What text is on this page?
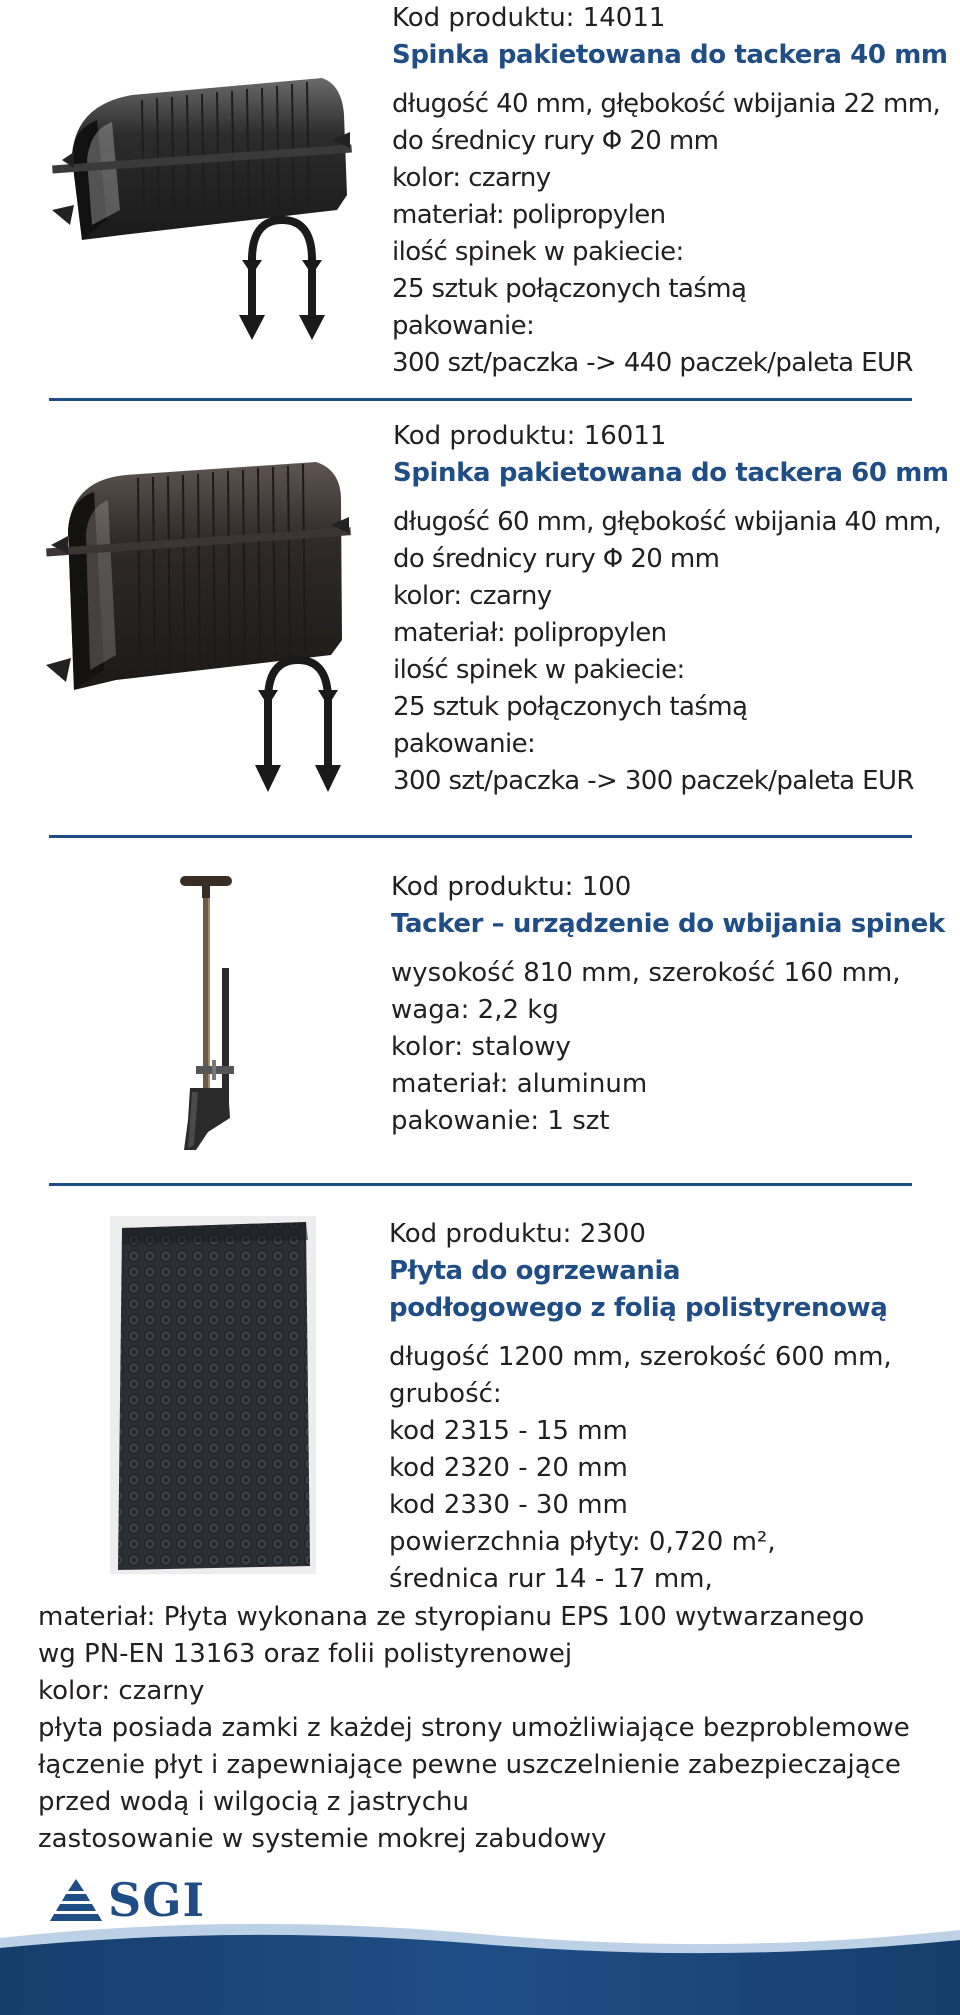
Kod produktu: 14011
Spinka pakietowana do tackera 40 mm
długość 40 mm, głębokość wbijania 22 mm,
do średnicy rury Φ 20 mm
kolor: czarny
materiał: polipropylen
ilość spinek w pakiecie:
25 sztuk połączonych taśmą
pakowanie:
300 szt/paczka -> 440 paczek/paleta EUR
Kod produktu: 16011
Spinka pakietowana do tackera 60 mm
długość 60 mm, głębokość wbijania 40 mm,
do średnicy rury Φ 20 mm
kolor: czarny
materiał: polipropylen
ilość spinek w pakiecie:
25 sztuk połączonych taśmą
pakowanie:
300 szt/paczka -> 300 paczek/paleta EUR
Kod produktu: 100
Tacker – urządzenie do wbijania spinek
wysokość 810 mm, szerokość 160 mm,
waga: 2,2 kg
kolor: stalowy
materiał: aluminum
pakowanie: 1 szt
Kod produktu: 2300
Płyta do ogrzewania
podłogowego z folią polistyrenową
długość 1200 mm, szerokość 600 mm,
grubość:
kod 2315 - 15 mm
kod 2320 - 20 mm
kod 2330 - 30 mm
powierzchnia płyty: 0,720 m²,
średnica rur 14 - 17 mm,
materiał: Płyta wykonana ze styropianu EPS 100 wytwarzanego
wg PN-EN 13163 oraz folii polistyrenowej
kolor: czarny
płyta posiada zamki z każdej strony umożliwiające bezproblemowe
łączenie płyt i zapewniające pewne uszczelnienie zabezpieczające
przed wodą i wilgocią z jastrychu
zastosowanie w systemie mokrej zabudowy
SGI
